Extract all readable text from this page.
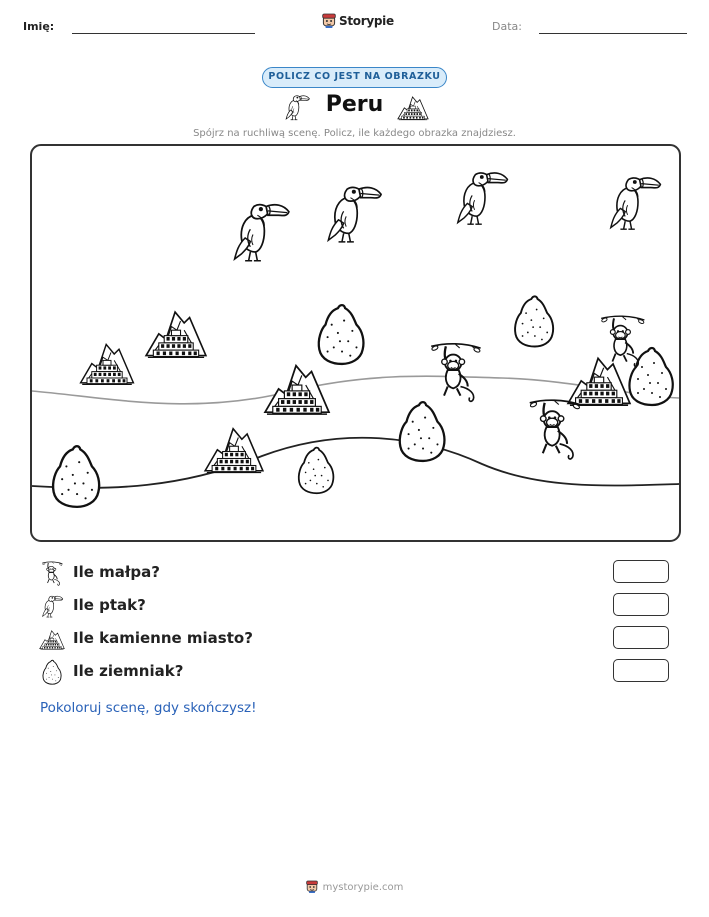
Imię:	Storypie	Data:
POLICZ CO JEST NA OBRAZKU
Peru
Spójrz na ruchliwą scenę. Policz, ile każdego obrazka znajdziesz.
Ile małpa?
Ile ptak?
Ile kamienne miasto?
Ile ziemniak?
Pokoloruj scenę, gdy skończysz!
mystorypie.com
